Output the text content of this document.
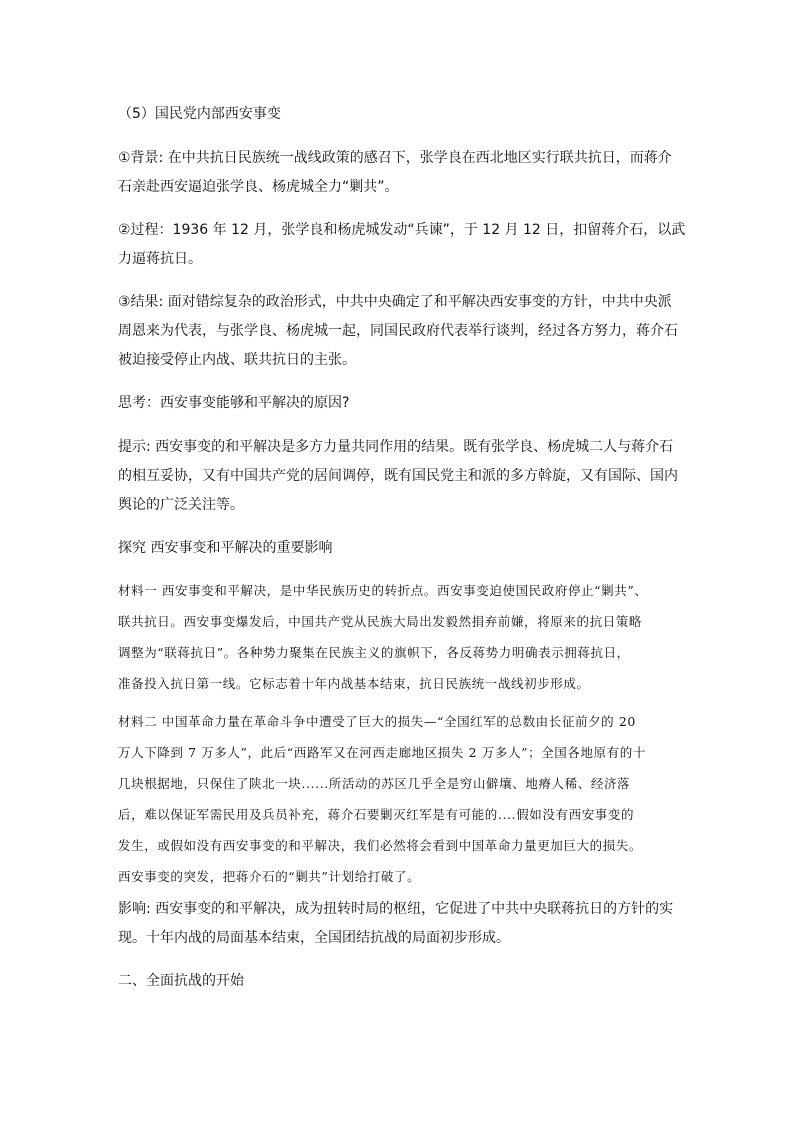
（5）国民党内部西安事变

①背景: 在中共抗日民族统一战线政策的感召下，张学良在西北地区实行联共抗日，而蒋介
石亲赴西安逼迫张学良、杨虎城全力“剿共”。

②过程：1936 年 12 月，张学良和杨虎城发动“兵谏”，于 12 月 12 日，扣留蒋介石，以武
力逼蒋抗日。

③结果: 面对错综复杂的政治形式，中共中央确定了和平解决西安事变的方针，中共中央派
周恩来为代表，与张学良、杨虎城一起，同国民政府代表举行谈判，经过各方努力，蒋介石
被迫接受停止内战、联共抗日的主张。

思考：西安事变能够和平解决的原因?

提示: 西安事变的和平解决是多方力量共同作用的结果。既有张学良、杨虎城二人与蒋介石
的相互妥协，又有中国共产党的居间调停，既有国民党主和派的多方斡旋，又有国际、国内
舆论的广泛关注等。

探究 西安事变和平解决的重要影响

材料一 西安事变和平解决，是中华民族历史的转折点。西安事变迫使国民政府停止“剿共”、
联共抗日。西安事变爆发后，中国共产党从民族大局出发毅然捐弃前嫌，将原来的抗日策略
调整为“联蒋抗日”。各种势力聚集在民族主义的旗帜下，各反蒋势力明确表示拥蒋抗日，
准备投入抗日第一线。它标志着十年内战基本结束，抗日民族统一战线初步形成。

材料二 中国革命力量在革命斗争中遭受了巨大的损失—“全国红军的总数由长征前夕的 20
万人下降到 7 万多人”，此后“西路军又在河西走廊地区损失 2 万多人”；全国各地原有的十
几块根据地，只保住了陕北一块......所活动的苏区几乎全是穷山僻壤、地瘠人稀、经济落
后，难以保证军需民用及兵员补充，蒋介石要剿灭红军是有可能的....假如没有西安事变的
发生，或假如没有西安事变的和平解决，我们必然将会看到中国革命力量更加巨大的损失。
西安事变的突发，把蒋介石的“剿共”计划给打破了。

影响: 西安事变的和平解决，成为扭转时局的枢纽，它促进了中共中央联蒋抗日的方针的实
现。十年内战的局面基本结束，全国团结抗战的局面初步形成。

二、全面抗战的开始
